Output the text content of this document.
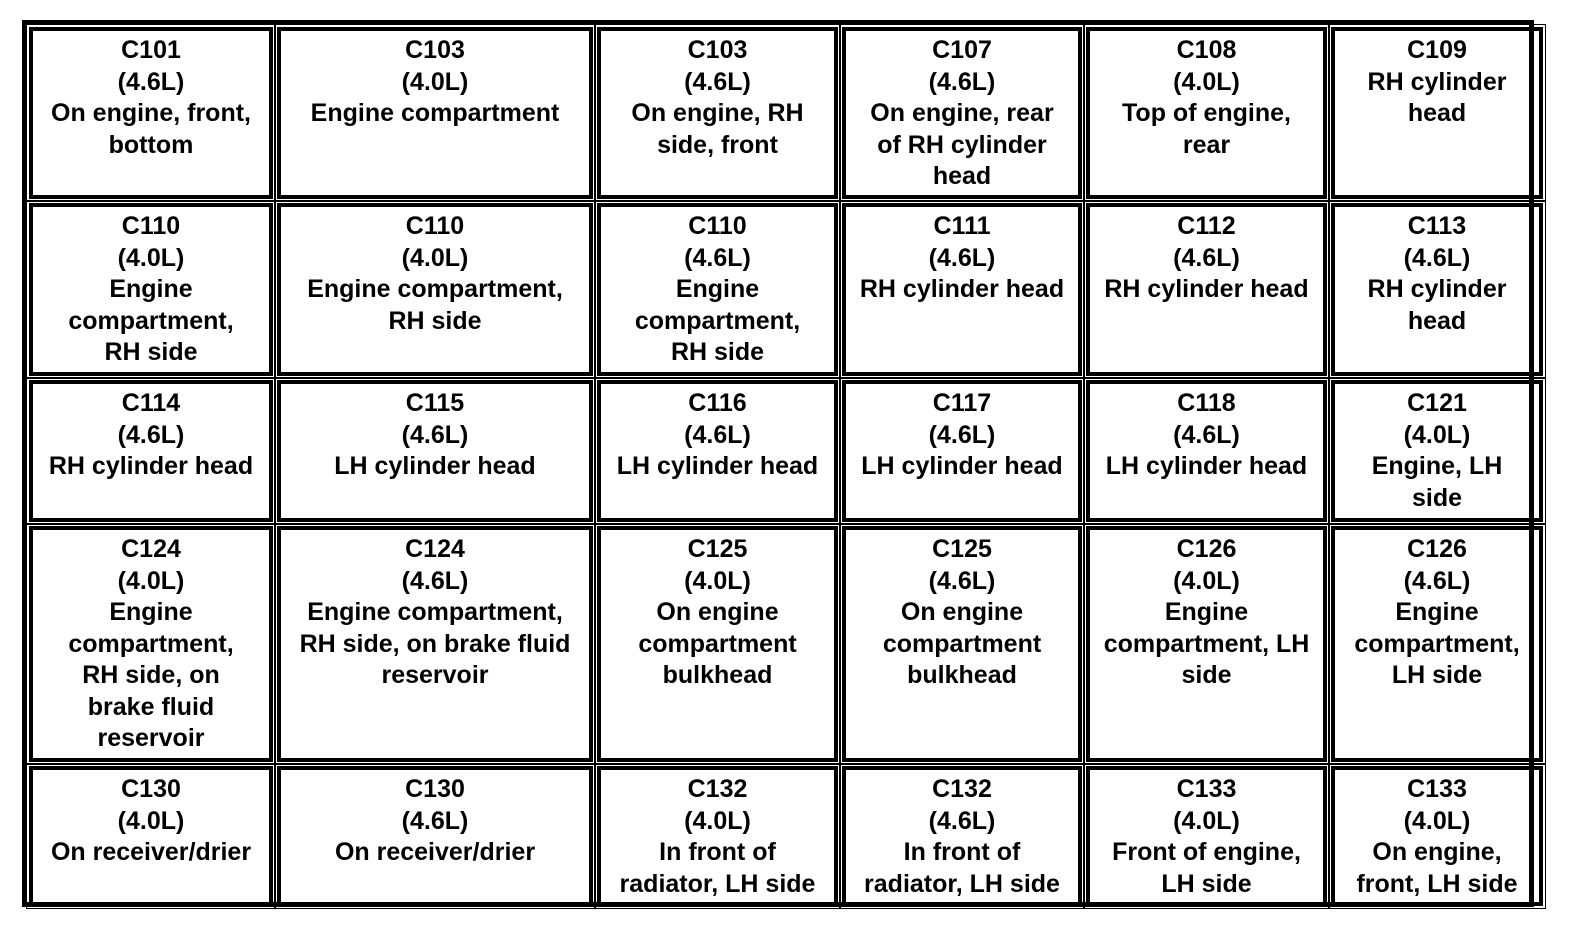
C101
(4.6L)
On engine, front,
bottom
C103
(4.0L)
Engine compartment
C103
(4.6L)
On engine, RH
side, front
C107
(4.6L)
On engine, rear
of RH cylinder
head
C108
(4.0L)
Top of engine,
rear
C109
RH cylinder
head
C110
(4.0L)
Engine
compartment,
RH side
C110
(4.0L)
Engine compartment,
RH side
C110
(4.6L)
Engine
compartment,
RH side
C111
(4.6L)
RH cylinder head
C112
(4.6L)
RH cylinder head
C113
(4.6L)
RH cylinder
head
C114
(4.6L)
RH cylinder head
C115
(4.6L)
LH cylinder head
C116
(4.6L)
LH cylinder head
C117
(4.6L)
LH cylinder head
C118
(4.6L)
LH cylinder head
C121
(4.0L)
Engine, LH
side
C124
(4.0L)
Engine
compartment,
RH side, on
brake fluid
reservoir
C124
(4.6L)
Engine compartment,
RH side, on brake fluid
reservoir
C125
(4.0L)
On engine
compartment
bulkhead
C125
(4.6L)
On engine
compartment
bulkhead
C126
(4.0L)
Engine
compartment, LH
side
C126
(4.6L)
Engine
compartment,
LH side
C130
(4.0L)
On receiver/drier
C130
(4.6L)
On receiver/drier
C132
(4.0L)
In front of
radiator, LH side
C132
(4.6L)
In front of
radiator, LH side
C133
(4.0L)
Front of engine,
LH side
C133
(4.0L)
On engine,
front, LH side
